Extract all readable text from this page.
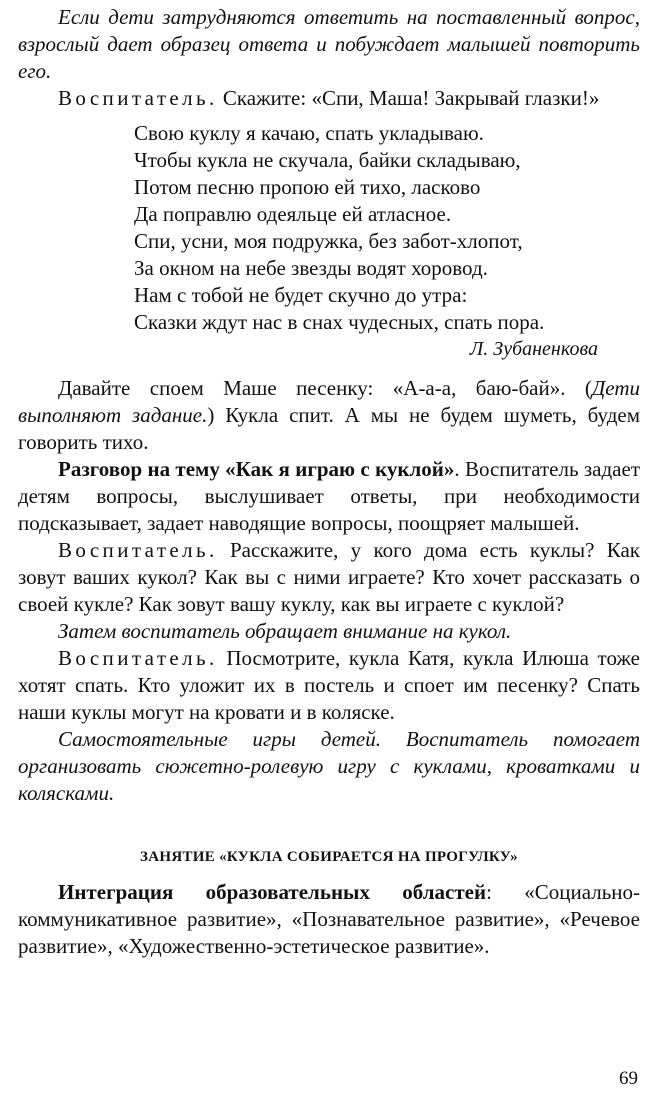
Если дети затрудняются ответить на поставленный вопрос, взрослый дает образец ответа и побуждает малышей повторить его.

Воспитатель. Скажите: «Спи, Маша! Закрывай глазки!»

Свою куклу я качаю, спать укладываю.
Чтобы кукла не скучала, байки складываю,
Потом песню пропою ей тихо, ласково
Да поправлю одеяльце ей атласное.
Спи, усни, моя подружка, без забот-хлопот,
За окном на небе звезды водят хоровод.
Нам с тобой не будет скучно до утра:
Сказки ждут нас в снах чудесных, спать пора.
Л. Зубаненкова

Давайте споем Маше песенку: «А-а-а, баю-бай». (Дети выполняют задание.) Кукла спит. А мы не будем шуметь, будем говорить тихо.

Разговор на тему «Как я играю с куклой». Воспитатель задает детям вопросы, выслушивает ответы, при необходимости подсказывает, задает наводящие вопросы, поощряет малышей.

Воспитатель. Расскажите, у кого дома есть куклы? Как зовут ваших кукол? Как вы с ними играете? Кто хочет рассказать о своей кукле? Как зовут вашу куклу, как вы играете с куклой?

Затем воспитатель обращает внимание на кукол.

Воспитатель. Посмотрите, кукла Катя, кукла Илюша тоже хотят спать. Кто уложит их в постель и споет им песенку? Спать наши куклы могут на кровати и в коляске.

Самостоятельные игры детей. Воспитатель помогает организовать сюжетно-ролевую игру с куклами, кроватками и колясками.

ЗАНЯТИЕ «КУКЛА СОБИРАЕТСЯ НА ПРОГУЛКУ»

Интеграция образовательных областей: «Социально-коммуникативное развитие», «Познавательное развитие», «Речевое развитие», «Художественно-эстетическое развитие».

69
